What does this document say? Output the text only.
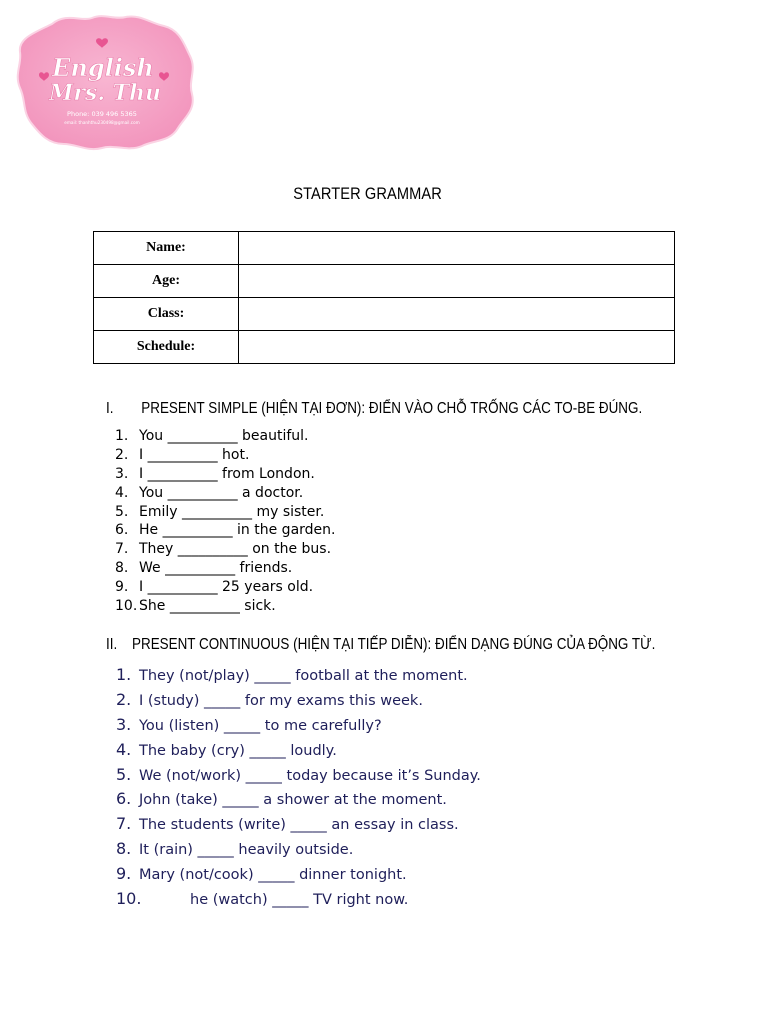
English
Mrs. Thu
Phone: 039 496 5365
email: thanhthu230498@gmail.com
STARTER GRAMMAR
Name:	
Age:	
Class:	
Schedule:	
I. PRESENT SIMPLE (HIỆN TẠI ĐƠN): ĐIỂN VÀO CHỖ TRỐNG CÁC TO-BE ĐÚNG.
1. You __________ beautiful.
2. I __________ hot.
3. I __________ from London.
4. You __________ a doctor.
5. Emily __________ my sister.
6. He __________ in the garden.
7. They __________ on the bus.
8. We __________ friends.
9. I __________ 25 years old.
10. She __________ sick.
II. PRESENT CONTINUOUS (HIỆN TẠI TIẾP DIỄN): ĐIỂN DẠNG ĐÚNG CỦA ĐỘNG TỪ.
1. They (not/play) _____ football at the moment.
2. I (study) _____ for my exams this week.
3. You (listen) _____ to me carefully?
4. The baby (cry) _____ loudly.
5. We (not/work) _____ today because it’s Sunday.
6. John (take) _____ a shower at the moment.
7. The students (write) _____ an essay in class.
8. It (rain) _____ heavily outside.
9. Mary (not/cook) _____ dinner tonight.
10.	he (watch) _____ TV right now.
